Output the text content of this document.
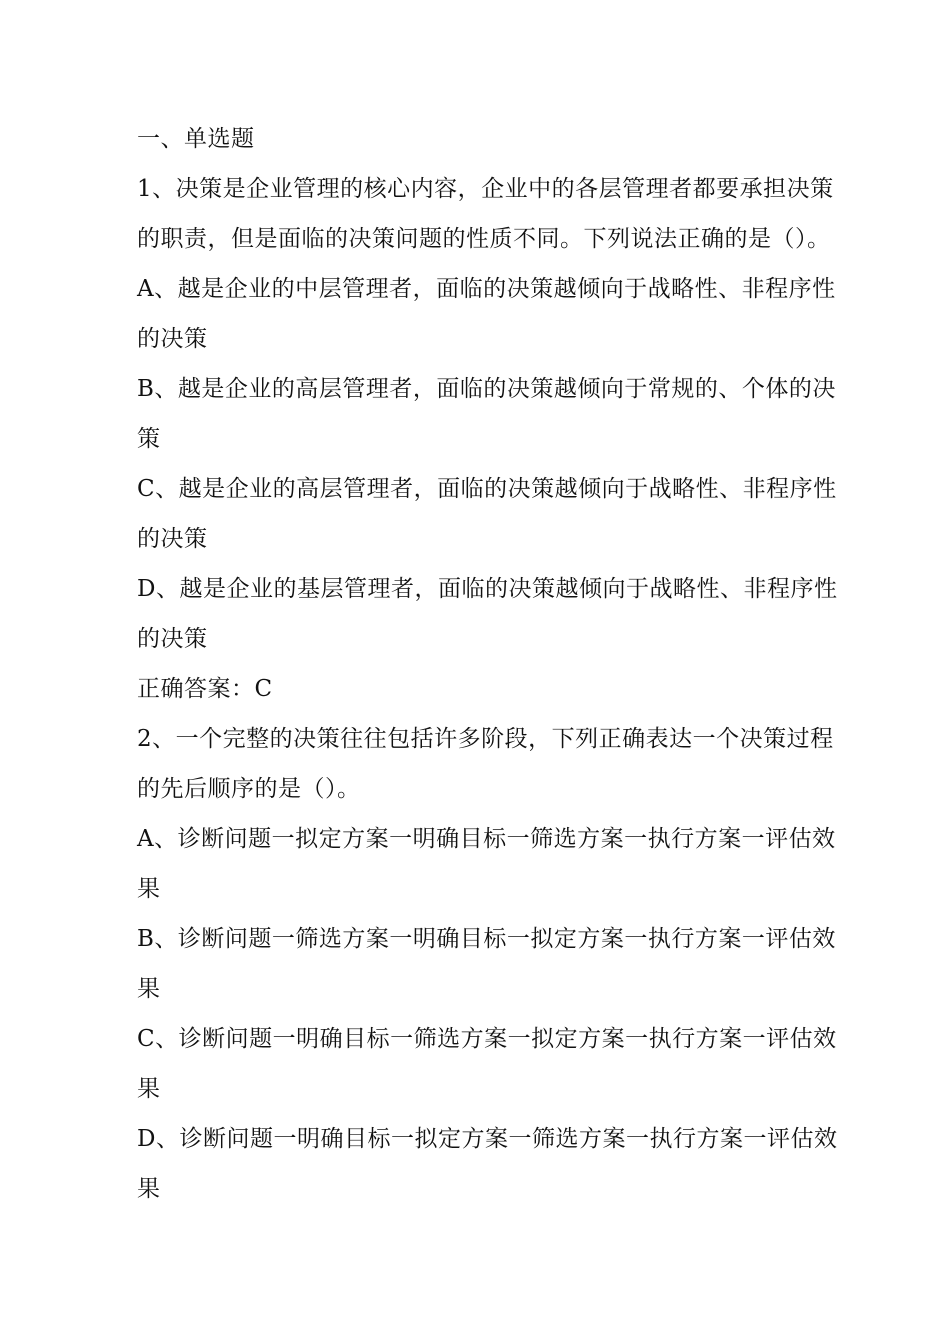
一、单选题
1、决策是企业管理的核心内容，企业中的各层管理者都要承担决策
的职责，但是面临的决策问题的性质不同。下列说法正确的是（）。
A、越是企业的中层管理者，面临的决策越倾向于战略性、非程序性
的决策
B、越是企业的高层管理者，面临的决策越倾向于常规的、个体的决
策
C、越是企业的高层管理者，面临的决策越倾向于战略性、非程序性
的决策
D、越是企业的基层管理者，面临的决策越倾向于战略性、非程序性
的决策
正确答案：C
2、一个完整的决策往往包括许多阶段，下列正确表达一个决策过程
的先后顺序的是（）。
A、诊断问题一拟定方案一明确目标一筛选方案一执行方案一评估效
果
B、诊断问题一筛选方案一明确目标一拟定方案一执行方案一评估效
果
C、诊断问题一明确目标一筛选方案一拟定方案一执行方案一评估效
果
D、诊断问题一明确目标一拟定方案一筛选方案一执行方案一评估效
果
